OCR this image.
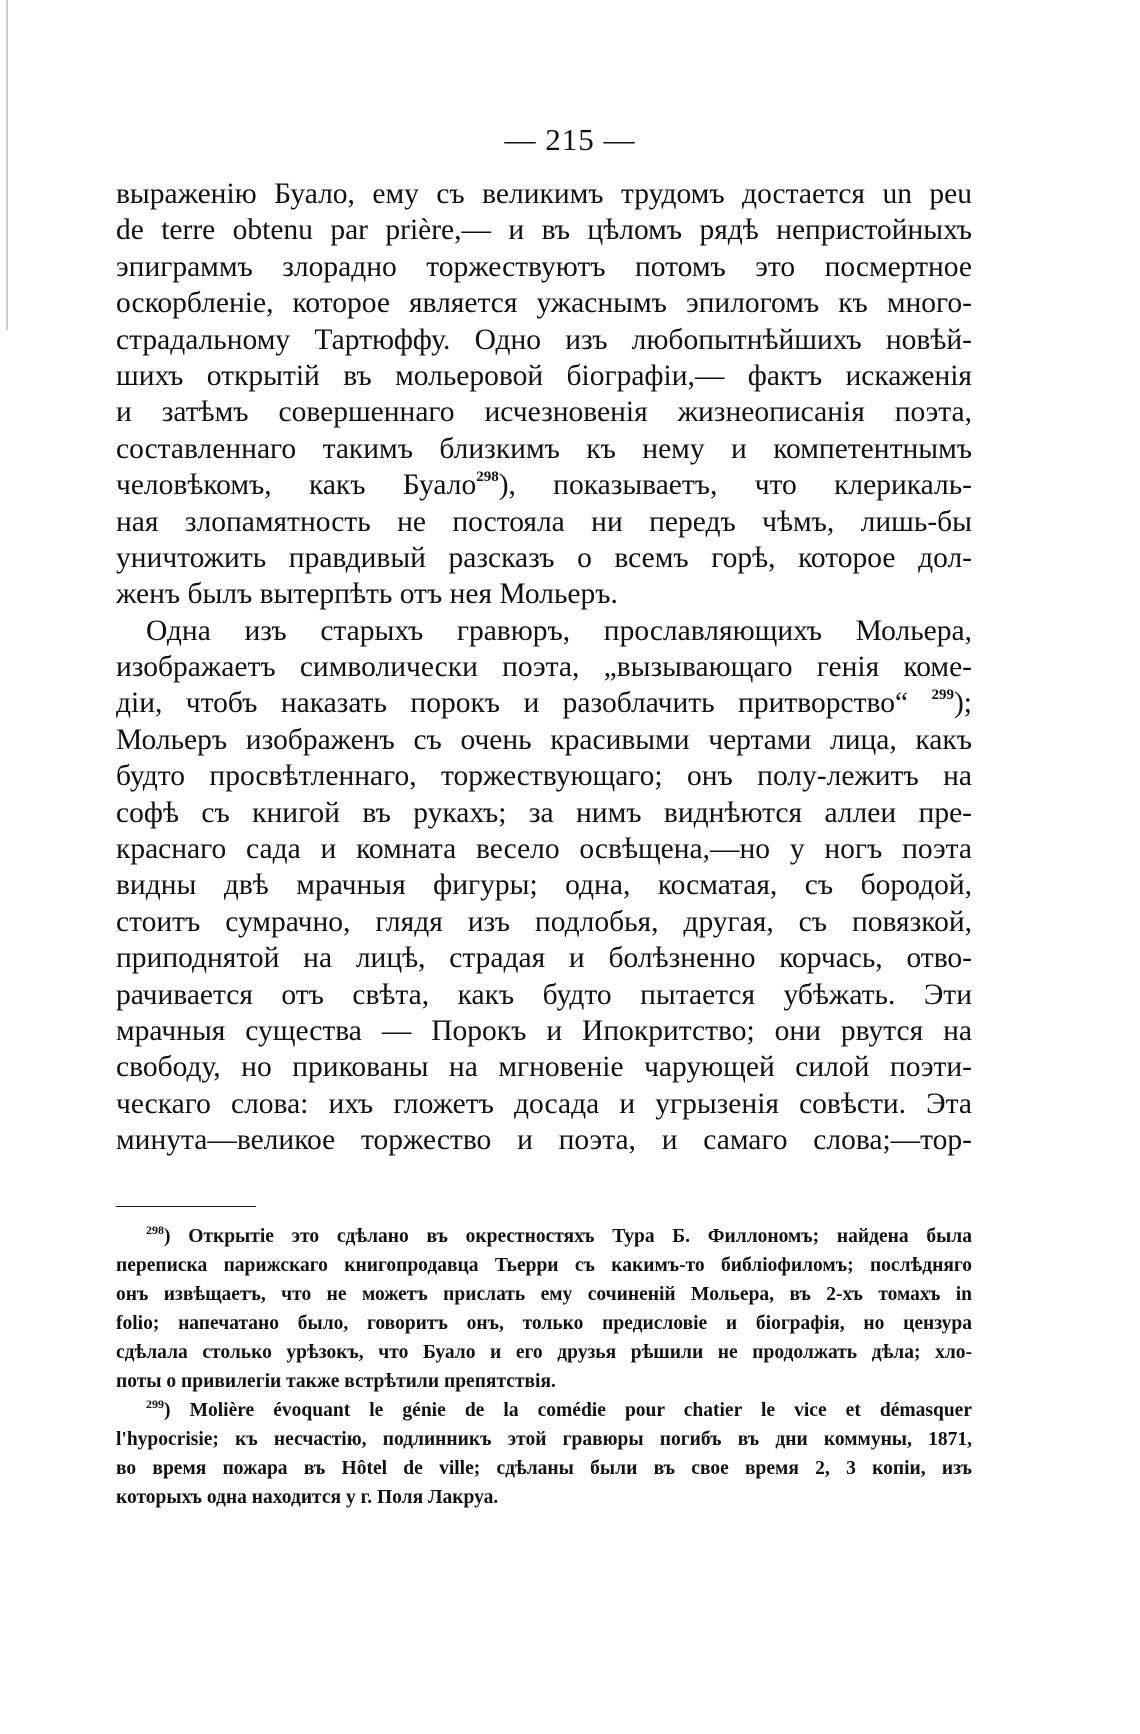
— 215 —
выраженію Буало, ему съ великимъ трудомъ достается un peu
de terre obtenu par prière,— и въ цѣломъ рядѣ непристойныхъ
эпиграммъ злорадно торжествуютъ потомъ это посмертное
оскорбленіе, которое является ужаснымъ эпилогомъ къ много-
страдальному Тартюффу. Одно изъ любопытнѣйшихъ новѣй-
шихъ открытій въ мольеровой біографіи,— фактъ искаженія
и затѣмъ совершеннаго исчезновенія жизнеописанія поэта,
составленнаго такимъ близкимъ къ нему и компетентнымъ
человѣкомъ, какъ Буало$^{298}$), показываетъ, что клерикаль-
ная злопамятность не постояла ни передъ чѣмъ, лишь-бы
уничтожить правдивый разсказъ о всемъ горѣ, которое дол-
женъ былъ вытерпѣть отъ нея Мольеръ.
Одна изъ старыхъ гравюръ, прославляющихъ Мольера,
изображаетъ символически поэта, „вызывающаго генія коме-
діи, чтобъ наказать порокъ и разоблачить притворство“ $^{299}$);
Мольеръ изображенъ съ очень красивыми чертами лица, какъ
будто просвѣтленнаго, торжествующаго; онъ полу-лежитъ на
софѣ съ книгой въ рукахъ; за нимъ виднѣются аллеи пре-
краснаго сада и комната весело освѣщена,—но у ногъ поэта
видны двѣ мрачныя фигуры; одна, косматая, съ бородой,
стоитъ сумрачно, глядя изъ подлобья, другая, съ повязкой,
приподнятой на лицѣ, страдая и болѣзненно корчась, отво-
рачивается отъ свѣта, какъ будто пытается убѣжать. Эти
мрачныя существа — Порокъ и Ипокритство; они рвутся на
свободу, но прикованы на мгновеніе чарующей силой поэти-
ческаго слова: ихъ гложетъ досада и угрызенія совѣсти. Эта
минута—великое торжество и поэта, и самаго слова;—тор-
$^{298}$) Открытіе это сдѣлано въ окрестностяхъ Тура Б. Филлономъ; найдена была
переписка парижскаго книгопродавца Тьерри съ какимъ-то библіофиломъ; послѣдняго
онъ извѣщаетъ, что не можетъ прислать ему сочиненій Мольера, въ 2-хъ томахъ in
folio; напечатано было, говоритъ онъ, только предисловіе и біографія, но цензура
сдѣлала столько урѣзокъ, что Буало и его друзья рѣшили не продолжать дѣла; хло-
поты о привилегіи также встрѣтили препятствія.
$^{299}$) Molière évoquant le génie de la comédie pour chatier le vice et démasquer
l'hypocrisie; къ несчастію, подлинникъ этой гравюры погибъ въ дни коммуны, 1871,
во время пожара въ Hôtel de ville; сдѣланы были въ свое время 2, 3 копіи, изъ
которыхъ одна находится у г. Поля Лакруа.
